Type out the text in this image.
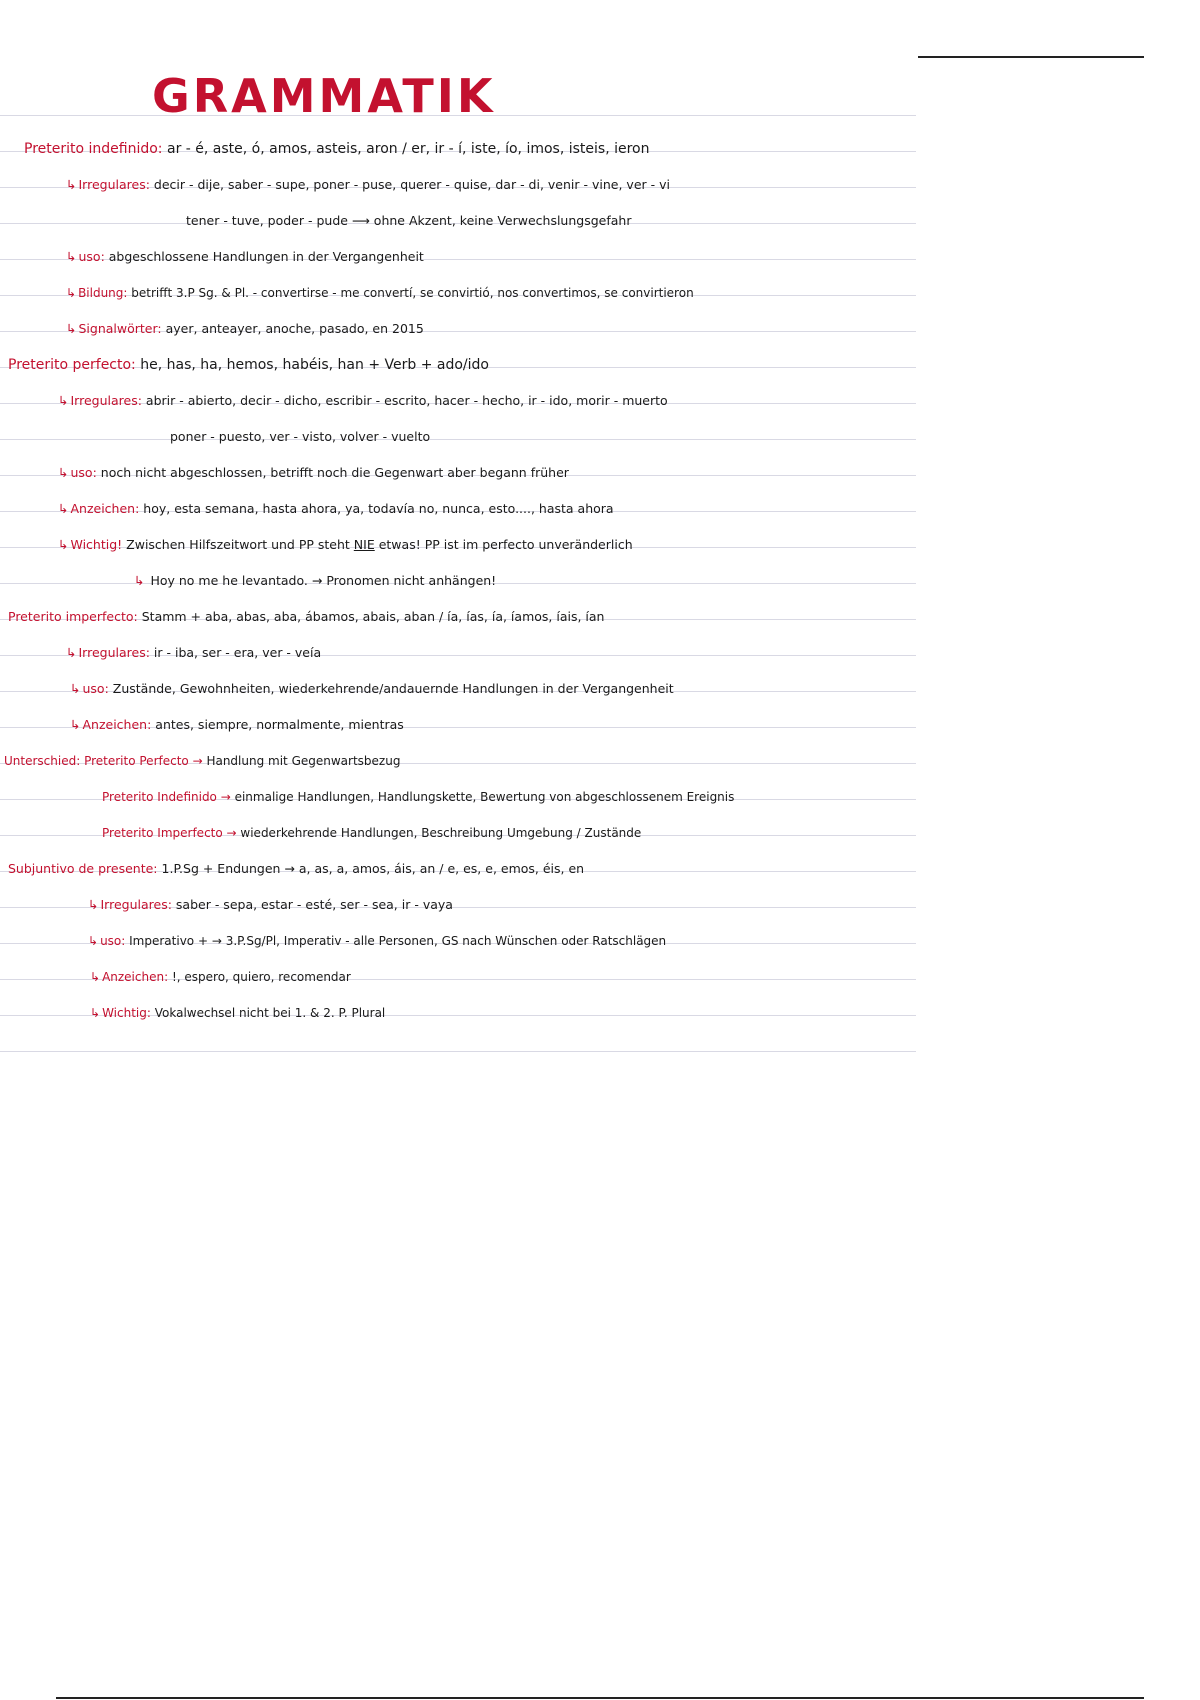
GRAMMATIK
Preterito indefinido: ar - é, aste, ó, amos, asteis, aron / er, ir - í, iste, ío, imos, isteis, ieron
↳ Irregulares: decir - dije, saber - supe, poner - puse, querer - quise, dar - di, venir - vine, ver - vi
tener - tuve, poder - pude ⟶ ohne Akzent, keine Verwechslungsgefahr
↳ uso: abgeschlossene Handlungen in der Vergangenheit
↳ Bildung: betrifft 3.P Sg. & Pl. - convertirse - me convertí, se convirtió, nos convertimos, se convirtieron
↳ Signalwörter: ayer, anteayer, anoche, pasado, en 2015
Preterito perfecto: he, has, ha, hemos, habéis, han + Verb + ado/ido
↳ Irregulares: abrir - abierto, decir - dicho, escribir - escrito, hacer - hecho, ir - ido, morir - muerto
poner - puesto, ver - visto, volver - vuelto
↳ uso: noch nicht abgeschlossen, betrifft noch die Gegenwart aber begann früher
↳ Anzeichen: hoy, esta semana, hasta ahora, ya, todavía no, nunca, esto...., hasta ahora
↳ Wichtig! Zwischen Hilfszeitwort und PP steht NIE etwas! PP ist im perfecto unveränderlich
↳ Hoy no me he levantado. → Pronomen nicht anhängen!
Preterito imperfecto: Stamm + aba, abas, aba, ábamos, abais, aban / ía, ías, ía, íamos, íais, ían
↳ Irregulares: ir - iba, ser - era, ver - veía
↳ uso: Zustände, Gewohnheiten, wiederkehrende/andauernde Handlungen in der Vergangenheit
↳ Anzeichen: antes, siempre, normalmente, mientras
Unterschied: Preterito Perfecto → Handlung mit Gegenwartsbezug
Preterito Indefinido → einmalige Handlungen, Handlungskette, Bewertung von abgeschlossenem Ereignis
Preterito Imperfecto → wiederkehrende Handlungen, Beschreibung Umgebung / Zustände
Subjuntivo de presente: 1.P.Sg + Endungen → a, as, a, amos, áis, an / e, es, e, emos, éis, en
↳ Irregulares: saber - sepa, estar - esté, ser - sea, ir - vaya
↳ uso: Imperativo + → 3.P.Sg/Pl, Imperativ - alle Personen, GS nach Wünschen oder Ratschlägen
↳ Anzeichen: !, espero, quiero, recomendar
↳ Wichtig: Vokalwechsel nicht bei 1. & 2. P. Plural
